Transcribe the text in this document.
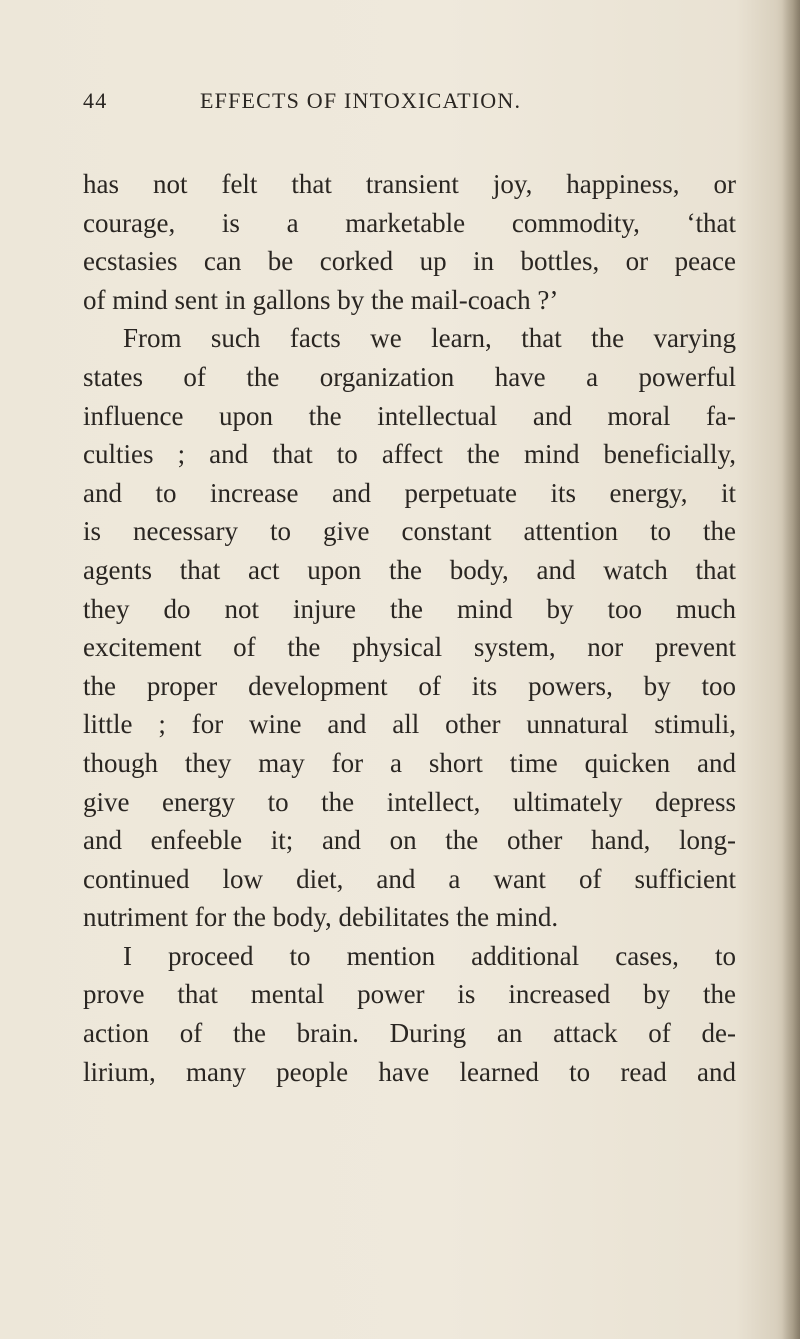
44	EFFECTS OF INTOXICATION.
has not felt that transient joy, happiness, or
courage, is a marketable commodity, ‘that
ecstasies can be corked up in bottles, or peace
of mind sent in gallons by the mail-coach ?’
From such facts we learn, that the varying
states of the organization have a powerful
influence upon the intellectual and moral fa-
culties ; and that to affect the mind beneficially,
and to increase and perpetuate its energy, it
is necessary to give constant attention to the
agents that act upon the body, and watch that
they do not injure the mind by too much
excitement of the physical system, nor prevent
the proper development of its powers, by too
little ; for wine and all other unnatural stimuli,
though they may for a short time quicken and
give energy to the intellect, ultimately depress
and enfeeble it; and on the other hand, long-
continued low diet, and a want of sufficient
nutriment for the body, debilitates the mind.
I proceed to mention additional cases, to
prove that mental power is increased by the
action of the brain. During an attack of de-
lirium, many people have learned to read and
